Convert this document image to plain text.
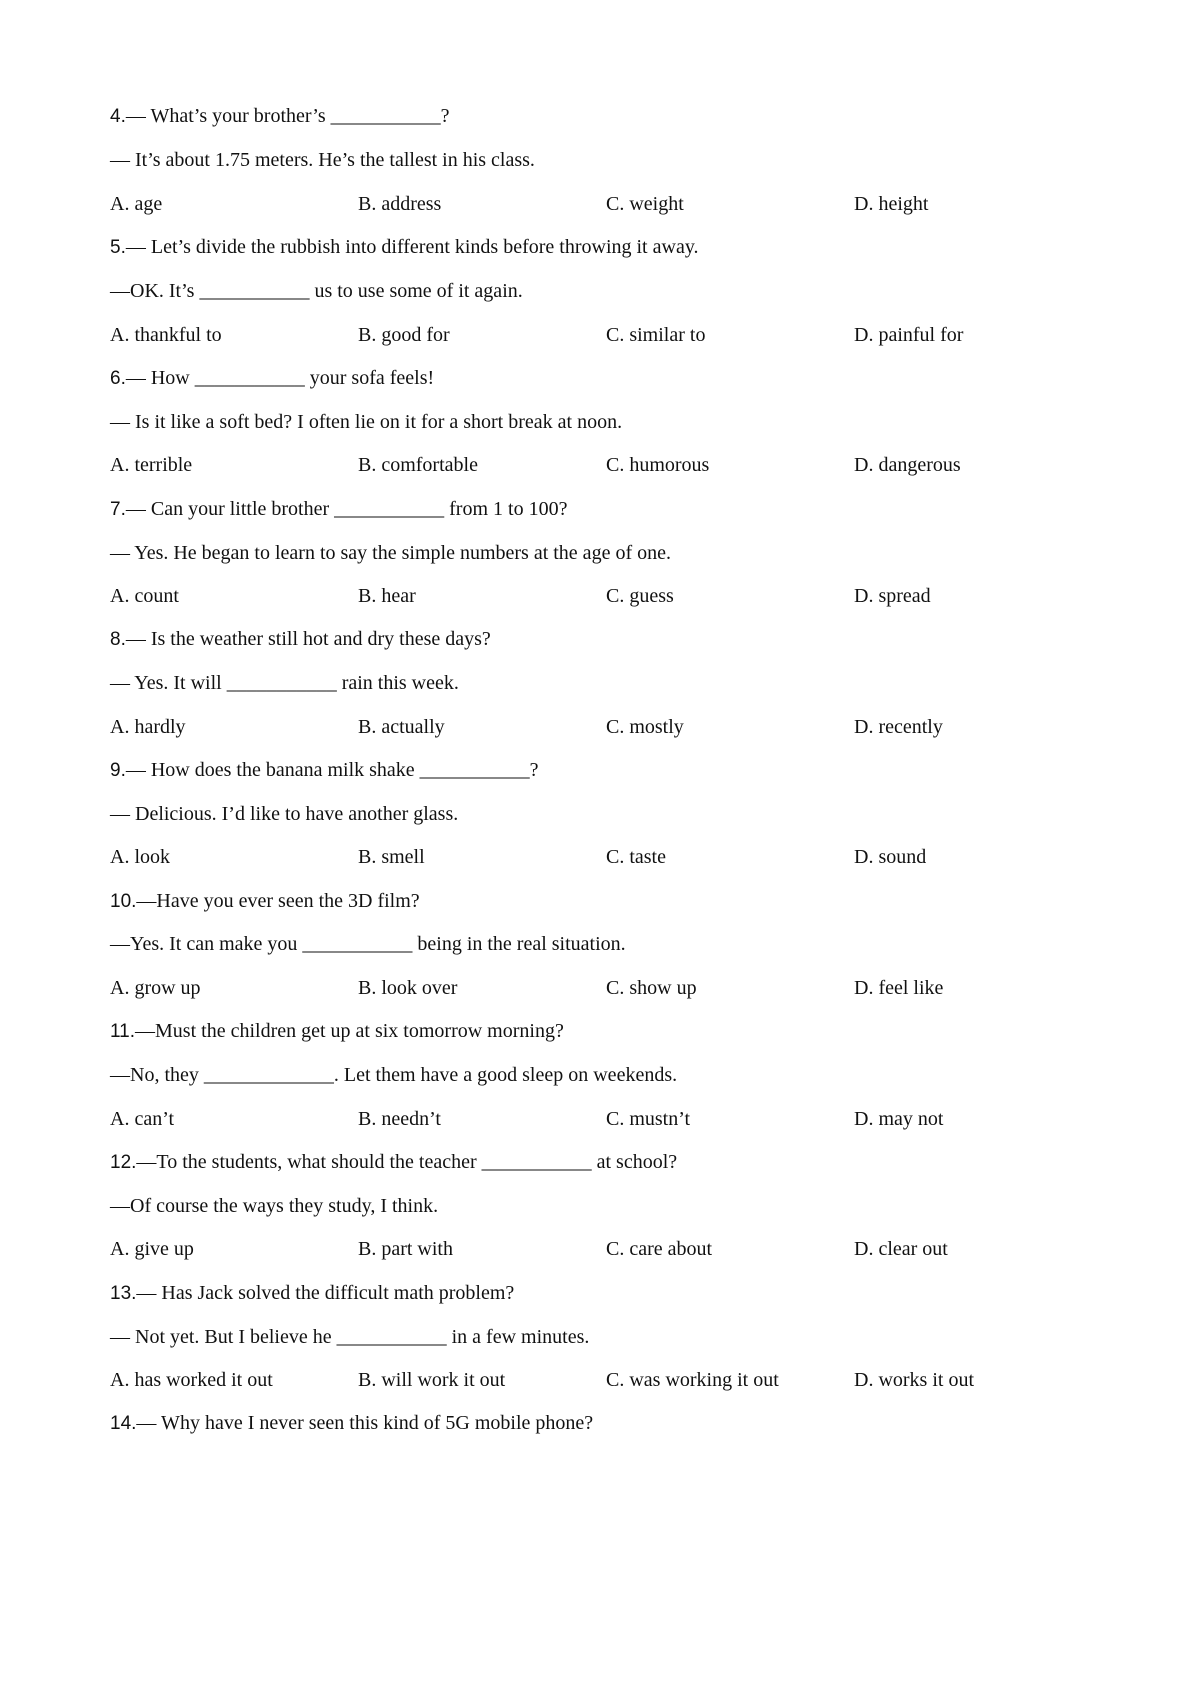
4.— What’s your brother’s ___________?
— It’s about 1.75 meters. He’s the tallest in his class.
A. age	B. address	C. weight	D. height
5.— Let’s divide the rubbish into different kinds before throwing it away.
—OK. It’s ___________ us to use some of it again.
A. thankful to	B. good for	C. similar to	D. painful for
6.— How ___________ your sofa feels!
— Is it like a soft bed? I often lie on it for a short break at noon.
A. terrible	B. comfortable	C. humorous	D. dangerous
7.— Can your little brother ___________ from 1 to 100?
— Yes. He began to learn to say the simple numbers at the age of one.
A. count	B. hear	C. guess	D. spread
8.— Is the weather still hot and dry these days?
— Yes. It will ___________ rain this week.
A. hardly	B. actually	C. mostly	D. recently
9.— How does the banana milk shake ___________?
— Delicious. I’d like to have another glass.
A. look	B. smell	C. taste	D. sound
10.—Have you ever seen the 3D film?
—Yes. It can make you ___________ being in the real situation.
A. grow up	B. look over	C. show up	D. feel like
11.—Must the children get up at six tomorrow morning?
—No, they _____________. Let them have a good sleep on weekends.
A. can’t	B. needn’t	C. mustn’t	D. may not
12.—To the students, what should the teacher ___________ at school?
—Of course the ways they study, I think.
A. give up	B. part with	C. care about	D. clear out
13.— Has Jack solved the difficult math problem?
— Not yet. But I believe he ___________ in a few minutes.
A. has worked it out	B. will work it out	C. was working it out	D. works it out
14.— Why have I never seen this kind of 5G mobile phone?
